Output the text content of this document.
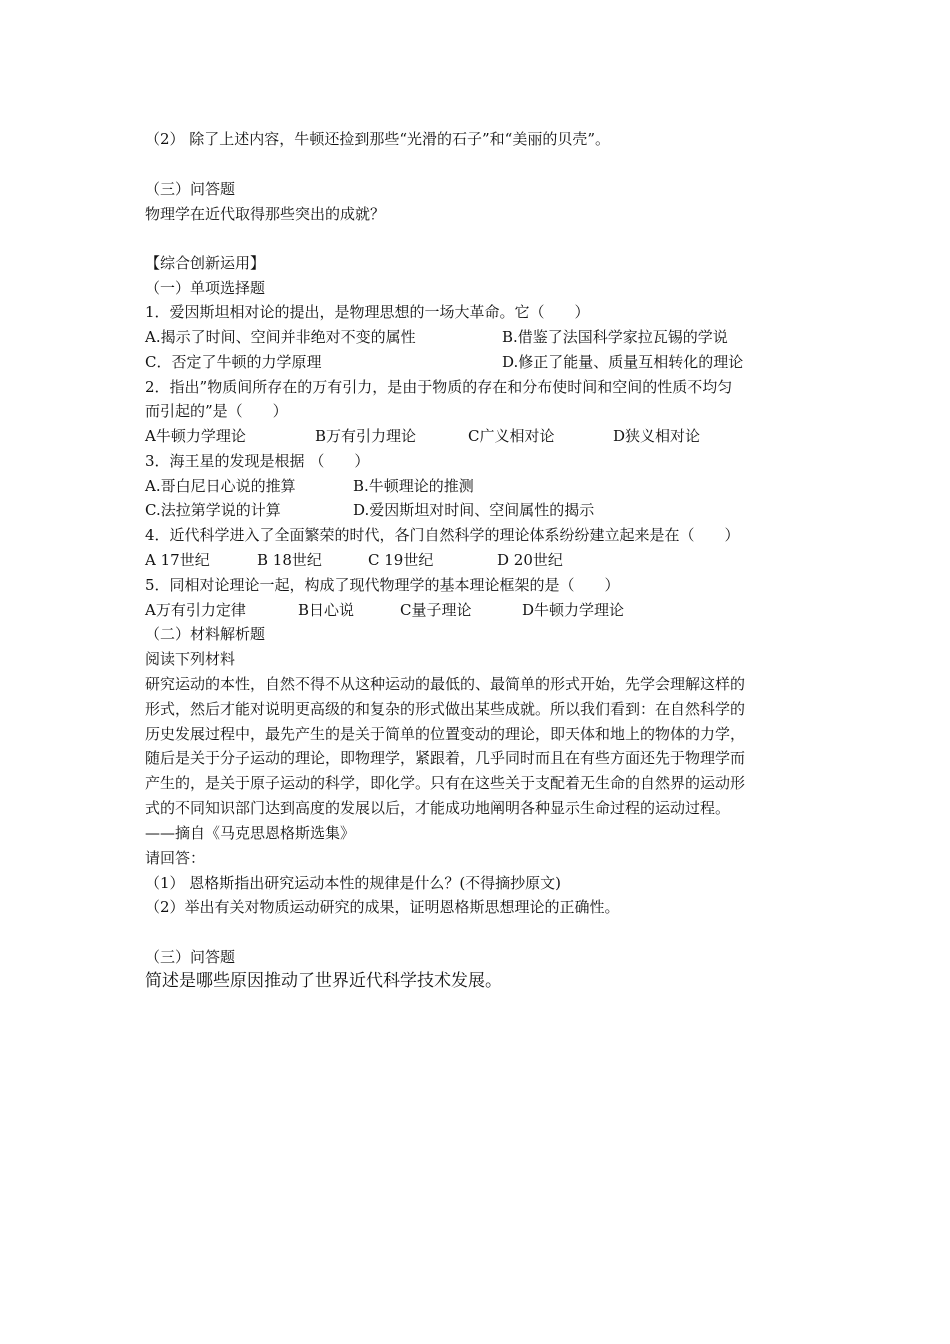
（2） 除了上述内容，牛顿还捡到那些“光滑的石子”和“美丽的贝壳”。
（三）问答题
物理学在近代取得那些突出的成就？
【综合创新运用】
（一）单项选择题
1．爱因斯坦相对论的提出，是物理思想的一场大革命。它（　　）
A.揭示了时间、空间并非绝对不变的属性	B.借鉴了法国科学家拉瓦锡的学说
C．否定了牛顿的力学原理	D.修正了能量、质量互相转化的理论
2．指出”物质间所存在的万有引力，是由于物质的存在和分布使时间和空间的性质不均匀
而引起的”是（　　）
A牛顿力学理论	B万有引力理论	C广义相对论	D狭义相对论
3．海王星的发现是根据 （　　）
A.哥白尼日心说的推算	B.牛顿理论的推测
C.法拉第学说的计算	D.爱因斯坦对时间、空间属性的揭示
4．近代科学进入了全面繁荣的时代，各门自然科学的理论体系纷纷建立起来是在（　　）
A 17世纪	B 18世纪	C 19世纪	D 20世纪
5．同相对论理论一起，构成了现代物理学的基本理论框架的是（　　）
A万有引力定律	B日心说	C量子理论	D牛顿力学理论
（二）材料解析题
阅读下列材料
研究运动的本性，自然不得不从这种运动的最低的、最简单的形式开始，先学会理解这样的
形式，然后才能对说明更高级的和复杂的形式做出某些成就。所以我们看到：在自然科学的
历史发展过程中，最先产生的是关于简单的位置变动的理论，即天体和地上的物体的力学，
随后是关于分子运动的理论，即物理学，紧跟着，几乎同时而且在有些方面还先于物理学而
产生的，是关于原子运动的科学，即化学。只有在这些关于支配着无生命的自然界的运动形
式的不同知识部门达到高度的发展以后，才能成功地阐明各种显示生命过程的运动过程。
——摘自《马克思恩格斯选集》
请回答：
（1） 恩格斯指出研究运动本性的规律是什么？(不得摘抄原文)
（2）举出有关对物质运动研究的成果，证明恩格斯思想理论的正确性。
（三）问答题
简述是哪些原因推动了世界近代科学技术发展。
